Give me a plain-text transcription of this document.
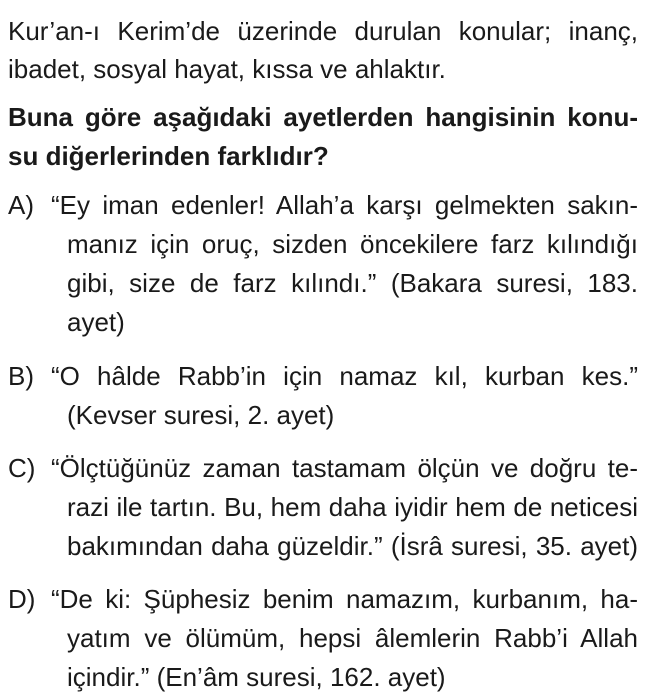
Kur’an-ı Kerim’de üzerinde durulan konular; inanç,
ibadet, sosyal hayat, kıssa ve ahlaktır.
Buna göre aşağıdaki ayetlerden hangisinin konu-
su diğerlerinden farklıdır?
A) “Ey iman edenler! Allah’a karşı gelmekten sakın-
manız için oruç, sizden öncekilere farz kılındığı
gibi, size de farz kılındı.” (Bakara suresi, 183.
ayet)
B) “O hâlde Rabb’in için namaz kıl, kurban kes.”
(Kevser suresi, 2. ayet)
C) “Ölçtüğünüz zaman tastamam ölçün ve doğru te-
razi ile tartın. Bu, hem daha iyidir hem de neticesi
bakımından daha güzeldir.” (İsrâ suresi, 35. ayet)
D) “De ki: Şüphesiz benim namazım, kurbanım, ha-
yatım ve ölümüm, hepsi âlemlerin Rabb’i Allah
içindir.” (En’âm suresi, 162. ayet)
